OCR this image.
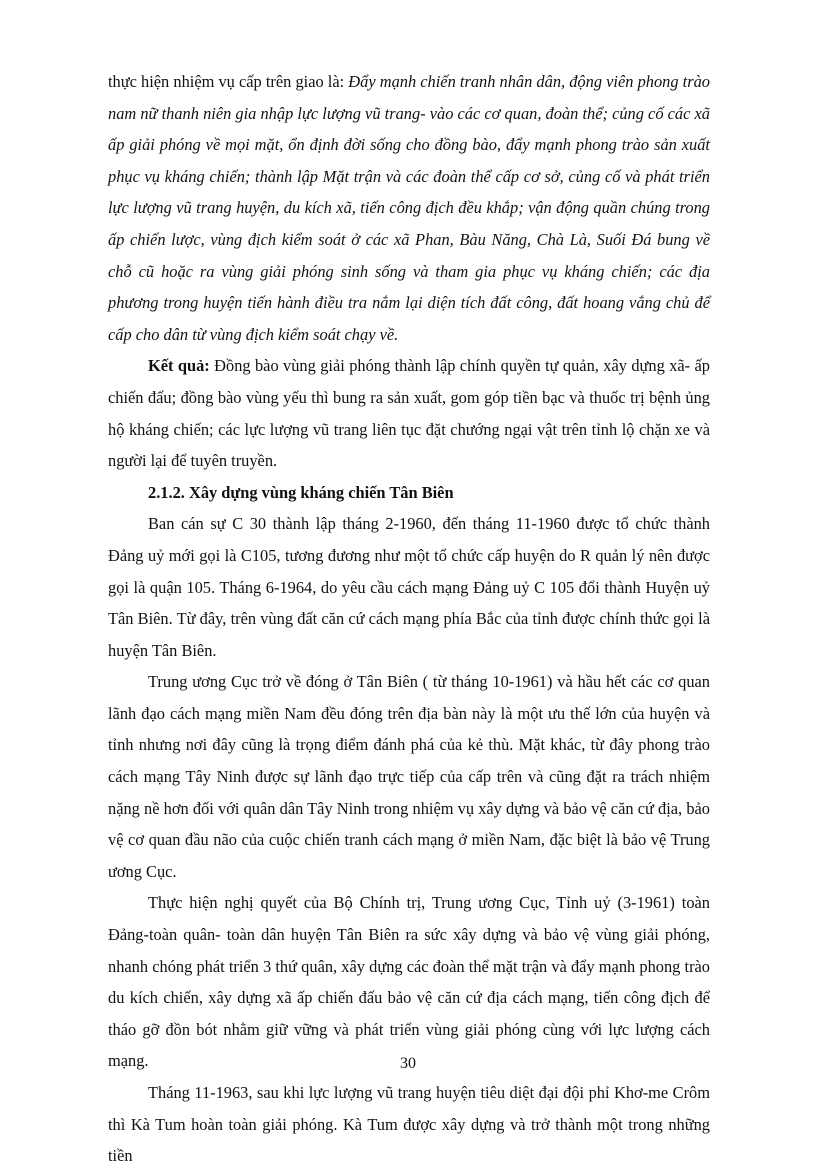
thực hiện nhiệm vụ cấp trên giao là: Đẩy mạnh chiến tranh nhân dân, động viên phong trào nam nữ thanh niên gia nhập lực lượng vũ trang- vào các cơ quan, đoàn thể; củng cố các xã ấp giải phóng về mọi mặt, ổn định đời sống cho đồng bào, đẩy mạnh phong trào sản xuất phục vụ kháng chiến; thành lập Mặt trận và các đoàn thể cấp cơ sở, củng cố và phát triển lực lượng vũ trang huyện, du kích xã, tiến công địch đều khắp; vận động quần chúng trong ấp chiến lược, vùng địch kiểm soát ở các xã Phan, Bàu Năng, Chà Là, Suối Đá bung về chỗ cũ hoặc ra vùng giải phóng sinh sống và tham gia phục vụ kháng chiến; các địa phương trong huyện tiến hành điều tra nắm lại diện tích đất công, đất hoang vắng chủ để cấp cho dân từ vùng địch kiểm soát chạy về.

Kết quả: Đồng bào vùng giải phóng thành lập chính quyền tự quản, xây dựng xã- ấp chiến đấu; đồng bào vùng yếu thì bung ra sản xuất, gom góp tiền bạc và thuốc trị bệnh ủng hộ kháng chiến; các lực lượng vũ trang liên tục đặt chướng ngại vật trên tỉnh lộ chặn xe và người lại để tuyên truyền.

2.1.2. Xây dựng vùng kháng chiến Tân Biên

Ban cán sự C 30 thành lập tháng 2-1960, đến tháng 11-1960 được tổ chức thành Đảng uỷ mới gọi là C105, tương đương như một tổ chức cấp huyện do R quản lý nên được gọi là quận 105. Tháng 6-1964, do yêu cầu cách mạng Đảng uỷ C 105 đổi thành Huyện uỷ Tân Biên. Từ đây, trên vùng đất căn cứ cách mạng phía Bắc của tỉnh được chính thức gọi là huyện Tân Biên.

Trung ương Cục trở về đóng ở Tân Biên ( từ tháng 10-1961) và hầu hết các cơ quan lãnh đạo cách mạng miền Nam đều đóng trên địa bàn này là một ưu thế lớn của huyện và tỉnh nhưng nơi đây cũng là trọng điểm đánh phá của kẻ thù. Mặt khác, từ đây phong trào cách mạng Tây Ninh được sự lãnh đạo trực tiếp của cấp trên và cũng đặt ra trách nhiệm nặng nề hơn đối với quân dân Tây Ninh trong nhiệm vụ xây dựng và bảo vệ căn cứ địa, bảo vệ cơ quan đầu não của cuộc chiến tranh cách mạng ở miền Nam, đặc biệt là bảo vệ Trung ương Cục.

Thực hiện nghị quyết của Bộ Chính trị, Trung ương Cục, Tỉnh uỷ (3-1961) toàn Đảng-toàn quân- toàn dân huyện Tân Biên ra sức xây dựng và bảo vệ vùng giải phóng, nhanh chóng phát triển 3 thứ quân, xây dựng các đoàn thể mặt trận và đẩy mạnh phong trào du kích chiến, xây dựng xã ấp chiến đấu bảo vệ căn cứ địa cách mạng, tiến công địch để tháo gỡ đồn bót nhằm giữ vững và phát triển vùng giải phóng cùng với lực lượng cách mạng.

Tháng 11-1963, sau khi lực lượng vũ trang huyện tiêu diệt đại đội phỉ Khơ-me Crôm thì Kà Tum hoàn toàn giải phóng. Kà Tum được xây dựng và trở thành một trong những tiền

30
